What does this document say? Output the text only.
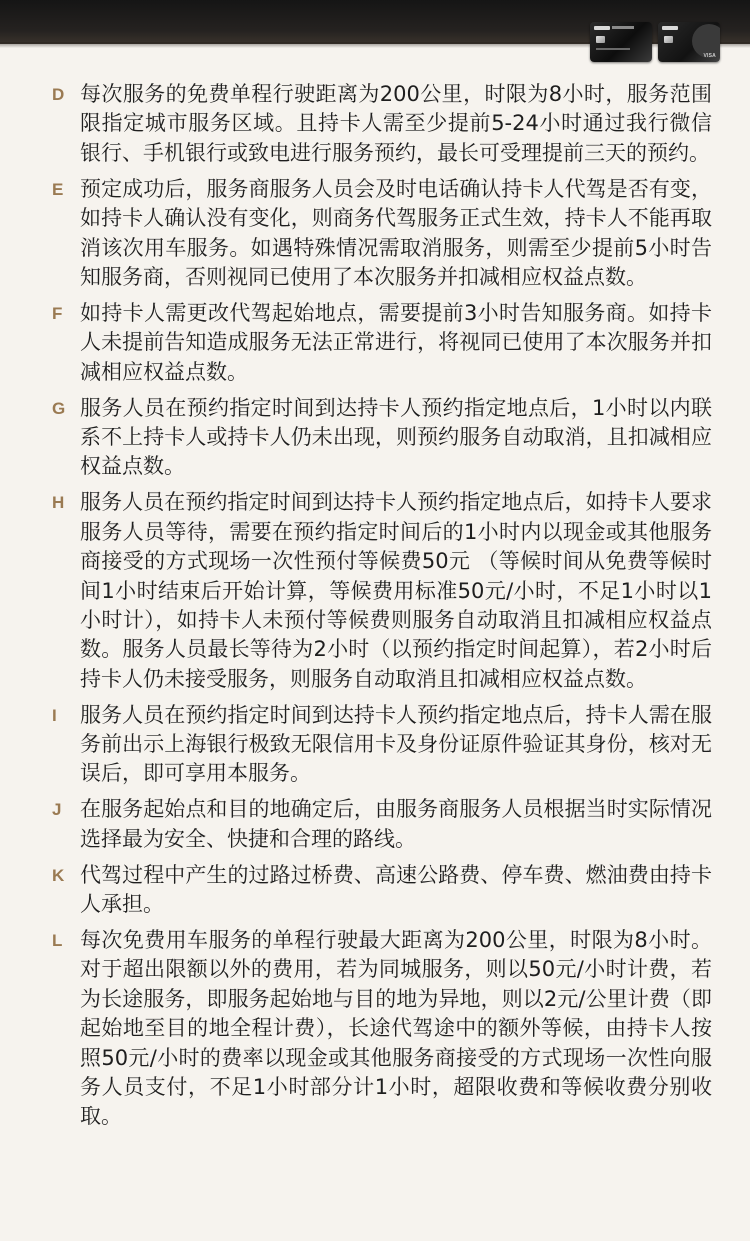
VISA
D 每次服务的免费单程行驶距离为200公里，时限为8小时，服务范围限指定城市服务区域。且持卡人需至少提前5-24小时通过我行微信银行、手机银行或致电进行服务预约，最长可受理提前三天的预约。
E 预定成功后，服务商服务人员会及时电话确认持卡人代驾是否有变，如持卡人确认没有变化，则商务代驾服务正式生效，持卡人不能再取消该次用车服务。如遇特殊情况需取消服务，则需至少提前5小时告知服务商，否则视同已使用了本次服务并扣减相应权益点数。
F 如持卡人需更改代驾起始地点，需要提前3小时告知服务商。如持卡人未提前告知造成服务无法正常进行，将视同已使用了本次服务并扣减相应权益点数。
G 服务人员在预约指定时间到达持卡人预约指定地点后，1小时以内联系不上持卡人或持卡人仍未出现，则预约服务自动取消，且扣减相应权益点数。
H 服务人员在预约指定时间到达持卡人预约指定地点后，如持卡人要求服务人员等待，需要在预约指定时间后的1小时内以现金或其他服务商接受的方式现场一次性预付等候费50元 （等候时间从免费等候时间1小时结束后开始计算，等候费用标准50元/小时，不足1小时以1小时计），如持卡人未预付等候费则服务自动取消且扣减相应权益点数。服务人员最长等待为2小时（以预约指定时间起算），若2小时后持卡人仍未接受服务，则服务自动取消且扣减相应权益点数。
I 服务人员在预约指定时间到达持卡人预约指定地点后，持卡人需在服务前出示上海银行极致无限信用卡及身份证原件验证其身份，核对无误后，即可享用本服务。
J 在服务起始点和目的地确定后，由服务商服务人员根据当时实际情况选择最为安全、快捷和合理的路线。
K 代驾过程中产生的过路过桥费、高速公路费、停车费、燃油费由持卡人承担。
L 每次免费用车服务的单程行驶最大距离为200公里，时限为8小时。对于超出限额以外的费用，若为同城服务，则以50元/小时计费，若为长途服务，即服务起始地与目的地为异地，则以2元/公里计费（即起始地至目的地全程计费），长途代驾途中的额外等候，由持卡人按照50元/小时的费率以现金或其他服务商接受的方式现场一次性向服务人员支付，不足1小时部分计1小时，超限收费和等候收费分别收取。
